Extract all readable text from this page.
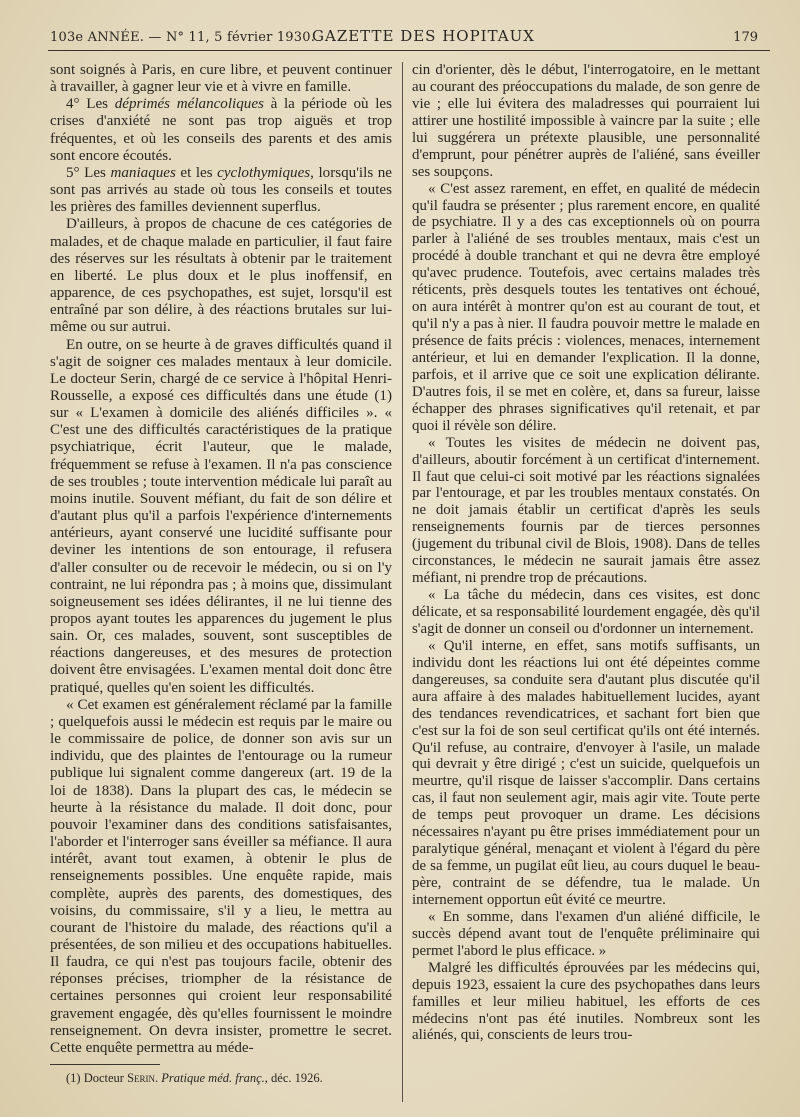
103e ANNÉE. — N° 11, 5 février 1930.
GAZETTE DES HOPITAUX	179

sont soignés à Paris, en cure libre, et peuvent continuer à travailler, à gagner leur vie et à vivre en famille.

4° Les déprimés mélancoliques à la période où les crises d'anxiété ne sont pas trop aiguës et trop fréquentes, et où les conseils des parents et des amis sont encore écoutés.

5° Les maniaques et les cyclothymiques, lorsqu'ils ne sont pas arrivés au stade où tous les conseils et toutes les prières des familles deviennent superflus.

D'ailleurs, à propos de chacune de ces catégories de malades, et de chaque malade en particulier, il faut faire des réserves sur les résultats à obtenir par le traitement en liberté. Le plus doux et le plus inoffensif, en apparence, de ces psychopathes, est sujet, lorsqu'il est entraîné par son délire, à des réactions brutales sur lui-même ou sur autrui.

En outre, on se heurte à de graves difficultés quand il s'agit de soigner ces malades mentaux à leur domicile. Le docteur Serin, chargé de ce service à l'hôpital Henri-Rousselle, a exposé ces difficultés dans une étude (1) sur « L'examen à domicile des aliénés difficiles ». « C'est une des difficultés caractéristiques de la pratique psychiatrique, écrit l'auteur, que le malade, fréquemment se refuse à l'examen. Il n'a pas conscience de ses troubles ; toute intervention médicale lui paraît au moins inutile. Souvent méfiant, du fait de son délire et d'autant plus qu'il a parfois l'expérience d'internements antérieurs, ayant conservé une lucidité suffisante pour deviner les intentions de son entourage, il refusera d'aller consulter ou de recevoir le médecin, ou si on l'y contraint, ne lui répondra pas ; à moins que, dissimulant soigneusement ses idées délirantes, il ne lui tienne des propos ayant toutes les apparences du jugement le plus sain. Or, ces malades, souvent, sont susceptibles de réactions dangereuses, et des mesures de protection doivent être envisagées. L'examen mental doit donc être pratiqué, quelles qu'en soient les difficultés.

« Cet examen est généralement réclamé par la famille ; quelquefois aussi le médecin est requis par le maire ou le commissaire de police, de donner son avis sur un individu, que des plaintes de l'entourage ou la rumeur publique lui signalent comme dangereux (art. 19 de la loi de 1838). Dans la plupart des cas, le médecin se heurte à la résistance du malade. Il doit donc, pour pouvoir l'examiner dans des conditions satisfaisantes, l'aborder et l'interroger sans éveiller sa méfiance. Il aura intérêt, avant tout examen, à obtenir le plus de renseignements possibles. Une enquête rapide, mais complète, auprès des parents, des domestiques, des voisins, du commissaire, s'il y a lieu, le mettra au courant de l'histoire du malade, des réactions qu'il a présentées, de son milieu et des occupations habituelles. Il faudra, ce qui n'est pas toujours facile, obtenir des réponses précises, triompher de la résistance de certaines personnes qui croient leur responsabilité gravement engagée, dès qu'elles fournissent le moindre renseignement. On devra insister, promettre le secret. Cette enquête permettra au méde-

cin d'orienter, dès le début, l'interrogatoire, en le mettant au courant des préoccupations du malade, de son genre de vie ; elle lui évitera des maladresses qui pourraient lui attirer une hostilité impossible à vaincre par la suite ; elle lui suggérera un prétexte plausible, une personnalité d'emprunt, pour pénétrer auprès de l'aliéné, sans éveiller ses soupçons.

« C'est assez rarement, en effet, en qualité de médecin qu'il faudra se présenter ; plus rarement encore, en qualité de psychiatre. Il y a des cas exceptionnels où on pourra parler à l'aliéné de ses troubles mentaux, mais c'est un procédé à double tranchant et qui ne devra être employé qu'avec prudence. Toutefois, avec certains malades très réticents, près desquels toutes les tentatives ont échoué, on aura intérêt à montrer qu'on est au courant de tout, et qu'il n'y a pas à nier. Il faudra pouvoir mettre le malade en présence de faits précis : violences, menaces, internement antérieur, et lui en demander l'explication. Il la donne, parfois, et il arrive que ce soit une explication délirante. D'autres fois, il se met en colère, et, dans sa fureur, laisse échapper des phrases significatives qu'il retenait, et par quoi il révèle son délire.

« Toutes les visites de médecin ne doivent pas, d'ailleurs, aboutir forcément à un certificat d'internement. Il faut que celui-ci soit motivé par les réactions signalées par l'entourage, et par les troubles mentaux constatés. On ne doit jamais établir un certificat d'après les seuls renseignements fournis par de tierces personnes (jugement du tribunal civil de Blois, 1908). Dans de telles circonstances, le médecin ne saurait jamais être assez méfiant, ni prendre trop de précautions.

« La tâche du médecin, dans ces visites, est donc délicate, et sa responsabilité lourdement engagée, dès qu'il s'agit de donner un conseil ou d'ordonner un internement.

« Qu'il interne, en effet, sans motifs suffisants, un individu dont les réactions lui ont été dépeintes comme dangereuses, sa conduite sera d'autant plus discutée qu'il aura affaire à des malades habituellement lucides, ayant des tendances revendicatrices, et sachant fort bien que c'est sur la foi de son seul certificat qu'ils ont été internés. Qu'il refuse, au contraire, d'envoyer à l'asile, un malade qui devrait y être dirigé ; c'est un suicide, quelquefois un meurtre, qu'il risque de laisser s'accomplir. Dans certains cas, il faut non seulement agir, mais agir vite. Toute perte de temps peut provoquer un drame. Les décisions nécessaires n'ayant pu être prises immédiatement pour un paralytique général, menaçant et violent à l'égard du père de sa femme, un pugilat eût lieu, au cours duquel le beau-père, contraint de se défendre, tua le malade. Un internement opportun eût évité ce meurtre.

« En somme, dans l'examen d'un aliéné difficile, le succès dépend avant tout de l'enquête préliminaire qui permet l'abord le plus efficace. »

Malgré les difficultés éprouvées par les médecins qui, depuis 1923, essaient la cure des psychopathes dans leurs familles et leur milieu habituel, les efforts de ces médecins n'ont pas été inutiles. Nombreux sont les aliénés, qui, conscients de leurs trou-

(1) Docteur Serin. Pratique méd. franç., déc. 1926.
